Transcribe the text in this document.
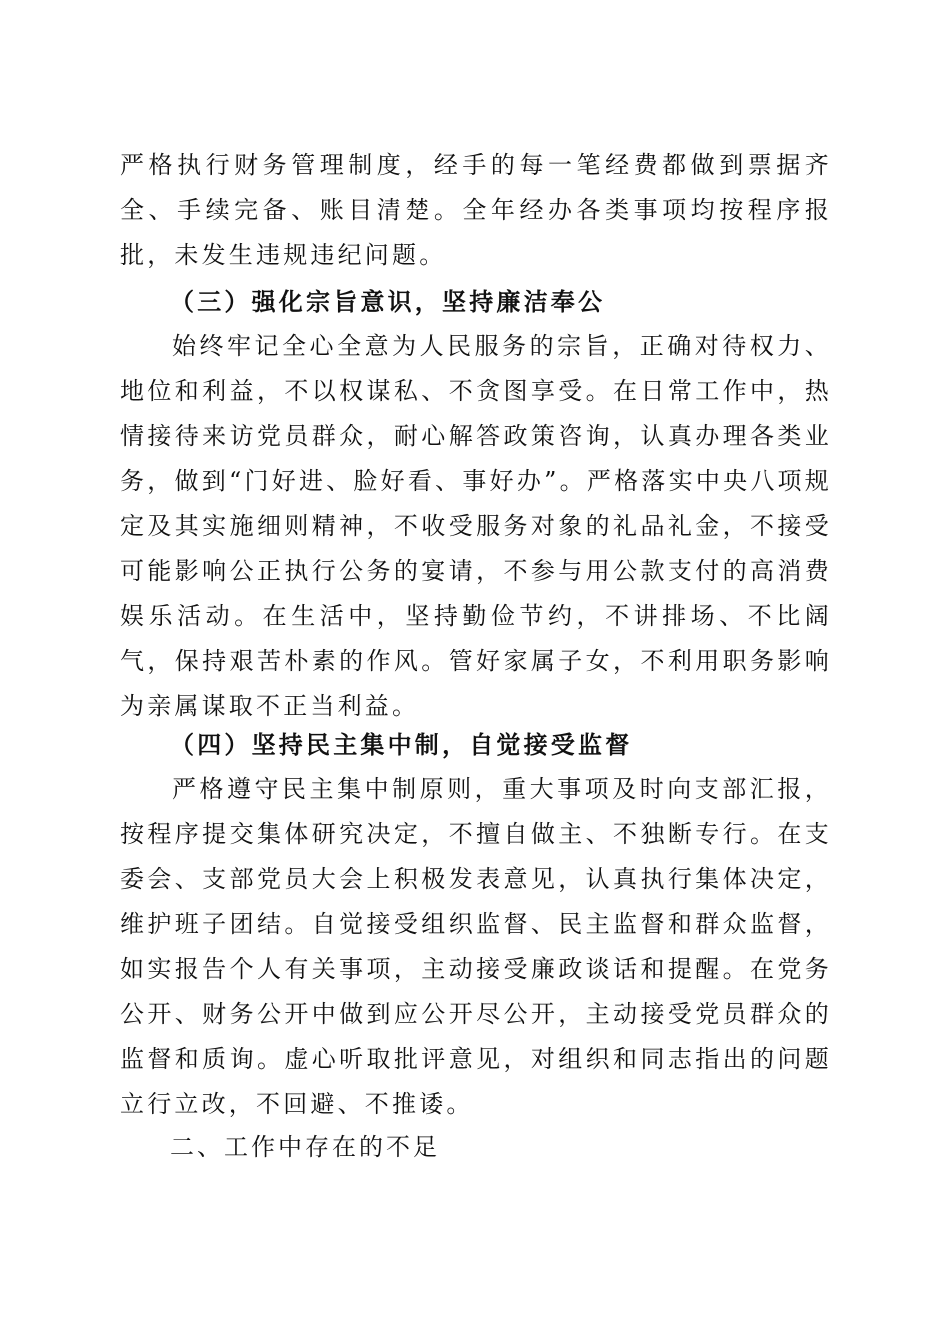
严格执行财务管理制度，经手的每一笔经费都做到票据齐全、手续完备、账目清楚。全年经办各类事项均按程序报批，未发生违规违纪问题。

（三）强化宗旨意识，坚持廉洁奉公

始终牢记全心全意为人民服务的宗旨，正确对待权力、地位和利益，不以权谋私、不贪图享受。在日常工作中，热情接待来访党员群众，耐心解答政策咨询，认真办理各类业务，做到“门好进、脸好看、事好办”。严格落实中央八项规定及其实施细则精神，不收受服务对象的礼品礼金，不接受可能影响公正执行公务的宴请，不参与用公款支付的高消费娱乐活动。在生活中，坚持勤俭节约，不讲排场、不比阔气，保持艰苦朴素的作风。管好家属子女，不利用职务影响为亲属谋取不正当利益。

（四）坚持民主集中制，自觉接受监督

严格遵守民主集中制原则，重大事项及时向支部汇报，按程序提交集体研究决定，不擅自做主、不独断专行。在支委会、支部党员大会上积极发表意见，认真执行集体决定，维护班子团结。自觉接受组织监督、民主监督和群众监督，如实报告个人有关事项，主动接受廉政谈话和提醒。在党务公开、财务公开中做到应公开尽公开，主动接受党员群众的监督和质询。虚心听取批评意见，对组织和同志指出的问题立行立改，不回避、不推诿。

二、工作中存在的不足
